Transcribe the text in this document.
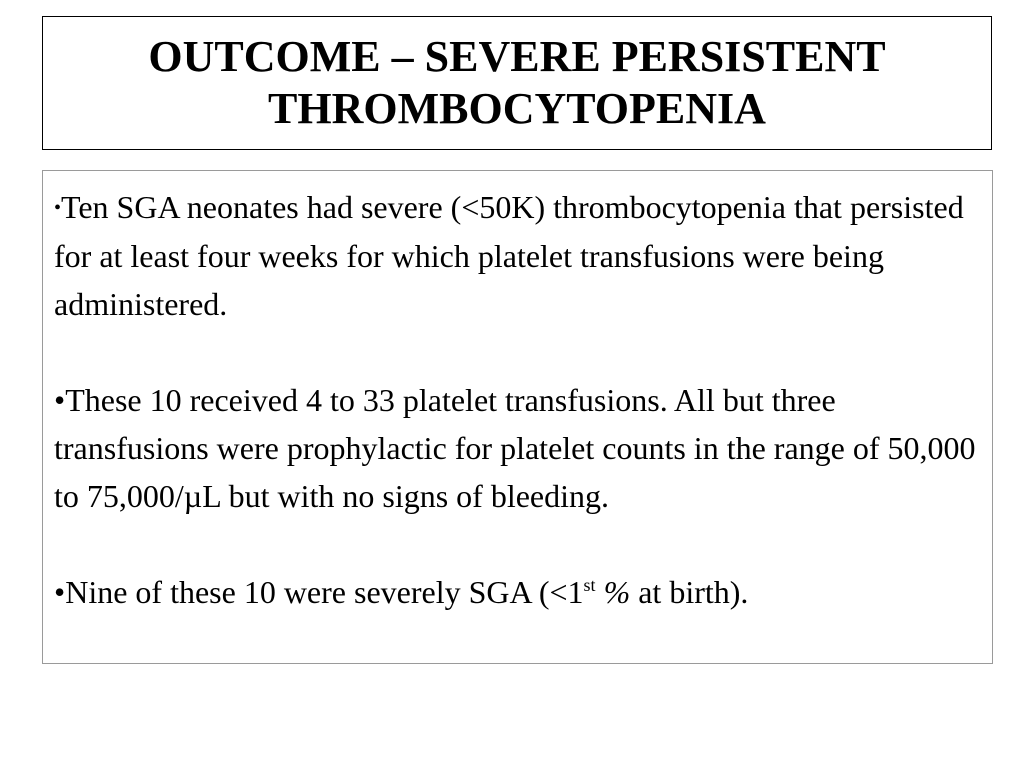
OUTCOME – SEVERE PERSISTENT
THROMBOCYTOPENIA

•Ten SGA neonates had severe (<50K) thrombocytopenia that persisted for at least four weeks for which platelet transfusions were being administered.

•These 10 received 4 to 33 platelet transfusions. All but three transfusions were prophylactic for platelet counts in the range of 50,000 to 75,000/µL but with no signs of bleeding.

•Nine of these 10 were severely SGA (<1st % at birth).
